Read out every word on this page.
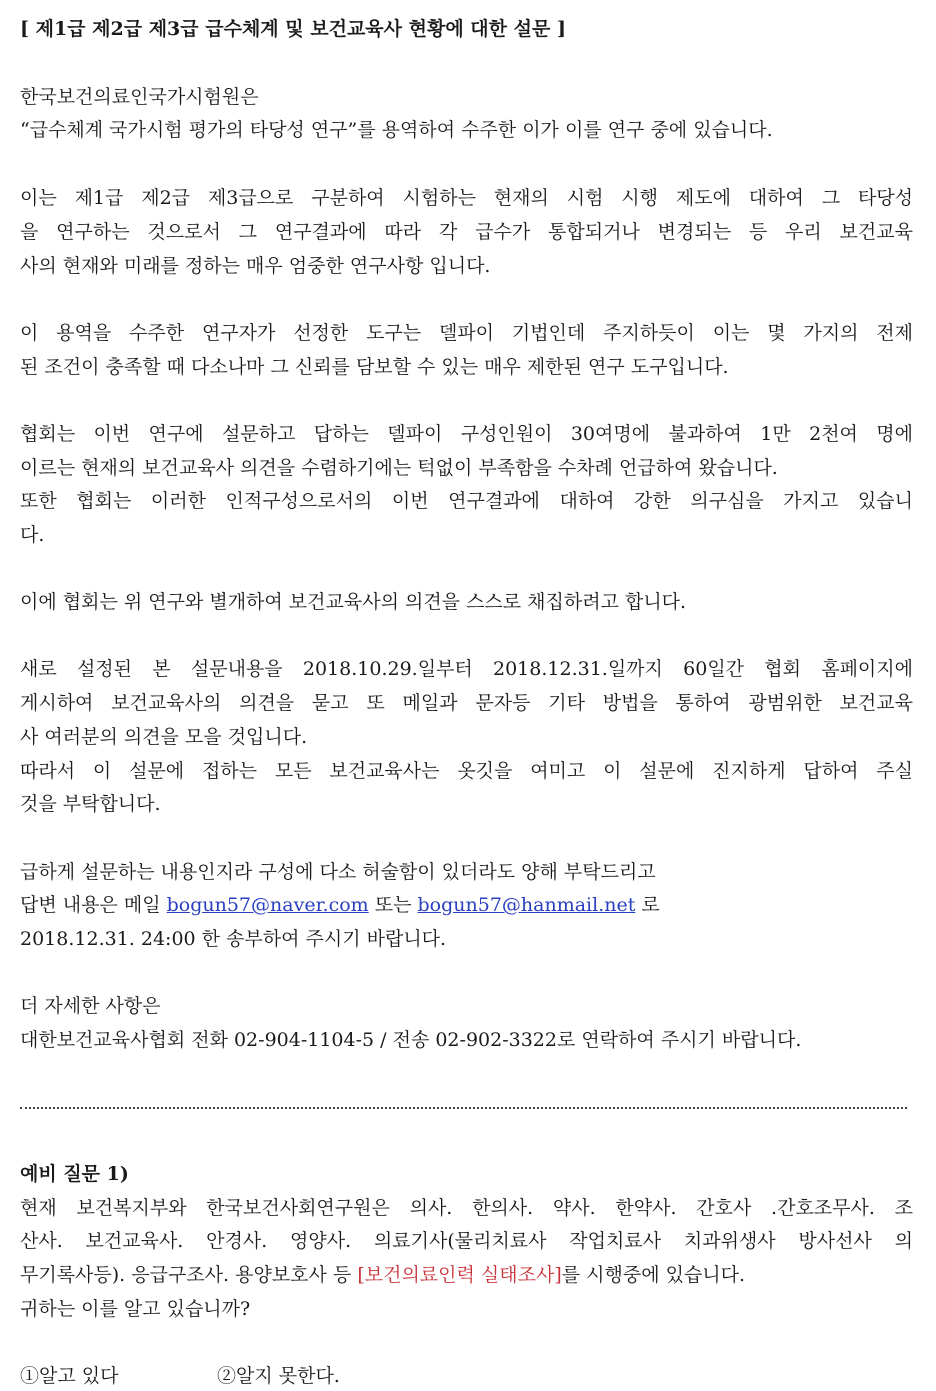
[ 제1급 제2급 제3급 급수체계 및 보건교육사 현황에 대한 설문 ]
한국보건의료인국가시험원은
“급수체계 국가시험 평가의 타당성 연구”를 용역하여 수주한 이가 이를 연구 중에 있습니다.
이는 제1급 제2급 제3급으로 구분하여 시험하는 현재의 시험 시행 제도에 대하여 그 타당성
을 연구하는 것으로서 그 연구결과에 따라 각 급수가 통합되거나 변경되는 등 우리 보건교육
사의 현재와 미래를 정하는 매우 엄중한 연구사항 입니다.
이 용역을 수주한 연구자가 선정한 도구는 델파이 기법인데 주지하듯이 이는 몇 가지의 전제
된 조건이 충족할 때 다소나마 그 신뢰를 담보할 수 있는 매우 제한된 연구 도구입니다.
협회는 이번 연구에 설문하고 답하는 델파이 구성인원이 30여명에 불과하여 1만 2천여 명에
이르는 현재의 보건교육사 의견을 수렴하기에는 턱없이 부족함을 수차례 언급하여 왔습니다.
또한 협회는 이러한 인적구성으로서의 이번 연구결과에 대하여 강한 의구심을 가지고 있습니
다.
이에 협회는 위 연구와 별개하여 보건교육사의 의견을 스스로 채집하려고 합니다.
새로 설정된 본 설문내용을 2018.10.29.일부터 2018.12.31.일까지 60일간 협회 홈페이지에
게시하여 보건교육사의 의견을 묻고 또 메일과 문자등 기타 방법을 통하여 광범위한 보건교육
사 여러분의 의견을 모을 것입니다.
따라서 이 설문에 접하는 모든 보건교육사는 옷깃을 여미고 이 설문에 진지하게 답하여 주실
것을 부탁합니다.
급하게 설문하는 내용인지라 구성에 다소 허술함이 있더라도 양해 부탁드리고
답변 내용은 메일 bogun57@naver.com 또는 bogun57@hanmail.net 로
2018.12.31. 24:00 한 송부하여 주시기 바랍니다.
더 자세한 사항은
대한보건교육사협회 전화 02-904-1104-5 / 전송 02-902-3322로 연락하여 주시기 바랍니다.
예비 질문 1)
현재 보건복지부와 한국보건사회연구원은 의사. 한의사. 약사. 한약사. 간호사 .간호조무사. 조
산사. 보건교육사. 안경사. 영양사. 의료기사(물리치료사 작업치료사 치과위생사 방사선사 의
무기록사등). 응급구조사. 용양보호사 등 [보건의료인력 실태조사]를 시행중에 있습니다.
귀하는 이를 알고 있습니까?
①알고 있다	②알지 못한다.
